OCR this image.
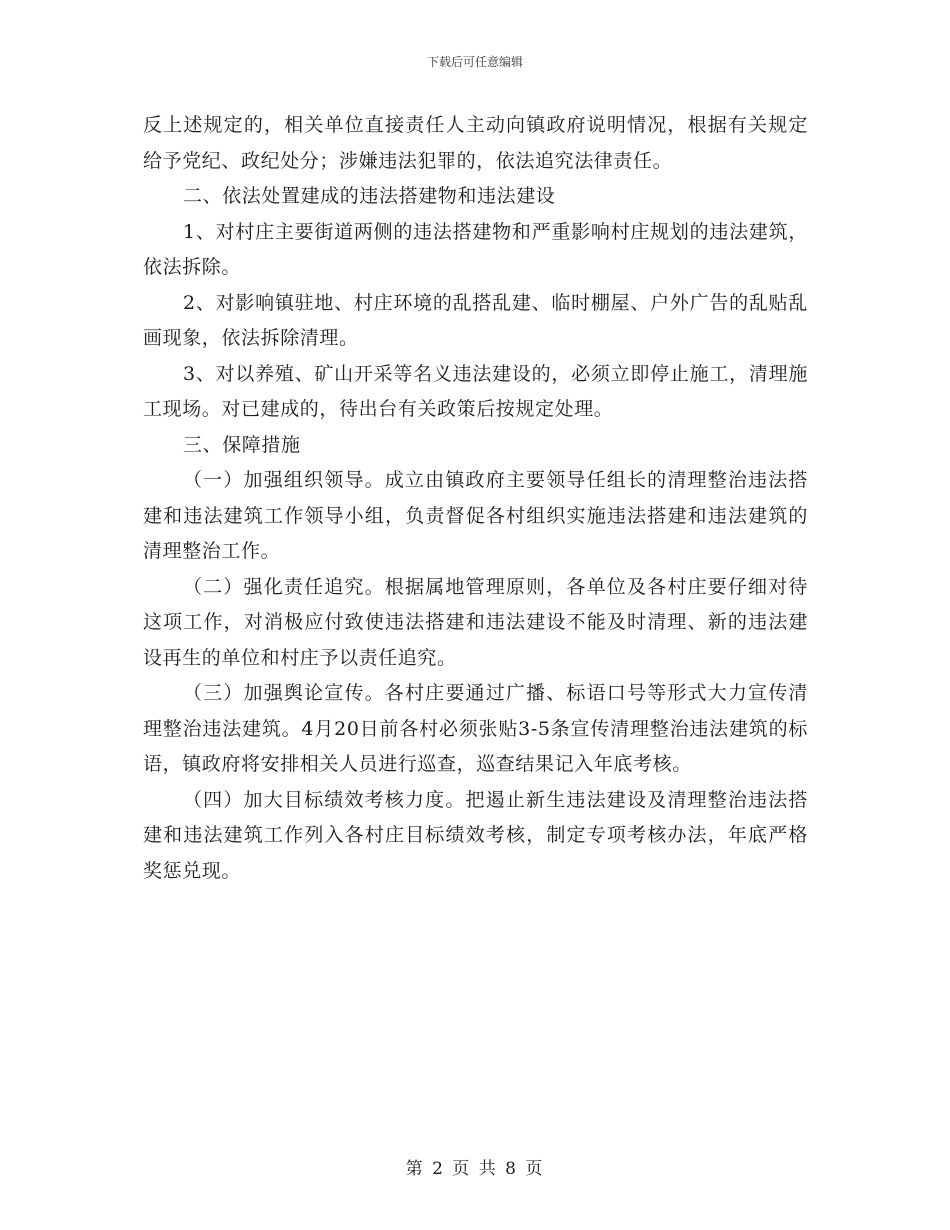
下载后可任意编辑

反上述规定的，相关单位直接责任人主动向镇政府说明情况，根据有关规定给予党纪、政纪处分；涉嫌违法犯罪的，依法追究法律责任。

二、依法处置建成的违法搭建物和违法建设

1、对村庄主要街道两侧的违法搭建物和严重影响村庄规划的违法建筑，依法拆除。

2、对影响镇驻地、村庄环境的乱搭乱建、临时棚屋、户外广告的乱贴乱画现象，依法拆除清理。

3、对以养殖、矿山开采等名义违法建设的，必须立即停止施工，清理施工现场。对已建成的，待出台有关政策后按规定处理。

三、保障措施

（一）加强组织领导。成立由镇政府主要领导任组长的清理整治违法搭建和违法建筑工作领导小组，负责督促各村组织实施违法搭建和违法建筑的清理整治工作。

（二）强化责任追究。根据属地管理原则，各单位及各村庄要仔细对待这项工作，对消极应付致使违法搭建和违法建设不能及时清理、新的违法建设再生的单位和村庄予以责任追究。

（三）加强舆论宣传。各村庄要通过广播、标语口号等形式大力宣传清理整治违法建筑。4月20日前各村必须张贴3-5条宣传清理整治违法建筑的标语，镇政府将安排相关人员进行巡查，巡查结果记入年底考核。

（四）加大目标绩效考核力度。把遏止新生违法建设及清理整治违法搭建和违法建筑工作列入各村庄目标绩效考核，制定专项考核办法，年底严格奖惩兑现。

第 2 页 共 8 页
